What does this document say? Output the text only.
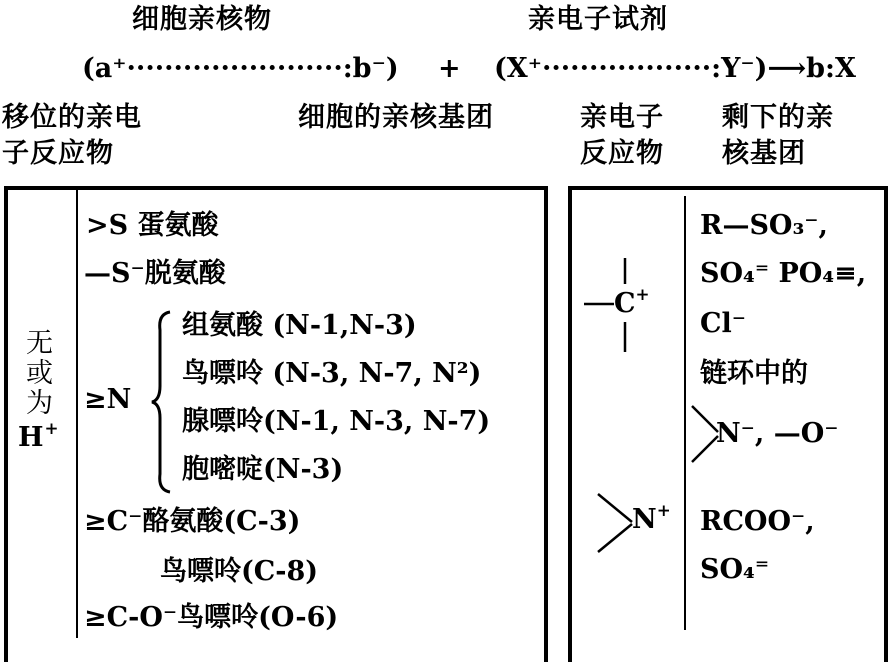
细胞亲核物	亲电子试剂
(a⁺·······················:b⁻) + (X⁺··················:Y⁻)⟶b:X
移位的亲电
子反应物
细胞的亲核基团	亲电子
反应物
剩下的亲
核基团
无
或
为
H+
>S 蛋氨酸
—S⁻脱氨酸
≥N
组氨酸 (N-1,N-3)
鸟嘌呤 (N-3, N-7, N²)
腺嘌呤(N-1, N-3, N-7)
胞嘧啶(N-3)
≥C⁻酪氨酸(C-3)
鸟嘌呤(C-8)
≥C-O⁻鸟嘌呤(O-6)
C+
N+
R—SO₃⁻,
SO₄⁼ PO₄≡,
Cl⁻
链环中的
N⁻, —O⁻
RCOO⁻,
SO₄⁼
